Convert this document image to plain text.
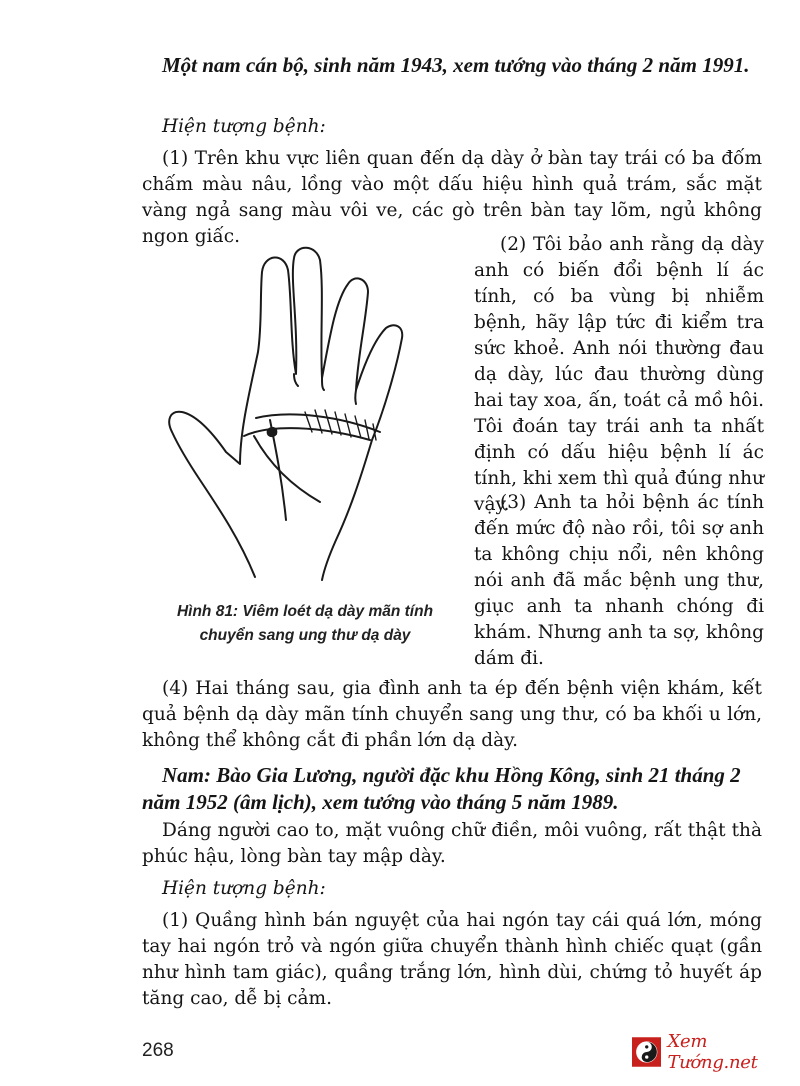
Một nam cán bộ, sinh năm 1943, xem tướng vào tháng 2 năm 1991.

Hiện tượng bệnh:

(1) Trên khu vực liên quan đến dạ dày ở bàn tay trái có ba đốm chấm màu nâu, lồng vào một dấu hiệu hình quả trám, sắc mặt vàng ngả sang màu vôi ve, các gò trên bàn tay lõm, ngủ không ngon giấc.	(2) Tôi bảo anh rằng dạ dày anh có biến đổi bệnh lí ác tính, có ba vùng bị nhiễm bệnh, hãy lập tức đi kiểm tra sức khoẻ. Anh nói thường đau dạ dày, lúc đau thường dùng hai tay xoa, ấn, toát cả mồ hôi. Tôi đoán tay trái anh ta nhất định có dấu hiệu bệnh lí ác tính, khi xem thì quả đúng như vậy.

(3) Anh ta hỏi bệnh ác tính đến mức độ nào rồi, tôi sợ anh ta không chịu nổi, nên không nói anh đã mắc bệnh ung thư, giục anh ta nhanh chóng đi khám. Nhưng anh ta sợ, không dám đi.

Hình 81: Viêm loét dạ dày mãn tính
chuyển sang ung thư dạ dày

(4) Hai tháng sau, gia đình anh ta ép đến bệnh viện khám, kết quả bệnh dạ dày mãn tính chuyển sang ung thư, có ba khối u lớn, không thể không cắt đi phần lớn dạ dày.

Nam: Bào Gia Lương, người đặc khu Hồng Kông, sinh 21 tháng 2 năm 1952 (âm lịch), xem tướng vào tháng 5 năm 1989.

Dáng người cao to, mặt vuông chữ điền, môi vuông, rất thật thà phúc hậu, lòng bàn tay mập dày.

Hiện tượng bệnh:

(1) Quầng hình bán nguyệt của hai ngón tay cái quá lớn, móng tay hai ngón trỏ và ngón giữa chuyển thành hình chiếc quạt (gần như hình tam giác), quầng trắng lớn, hình dùi, chứng tỏ huyết áp tăng cao, dễ bị cảm.

268	Xem Tướng.net
